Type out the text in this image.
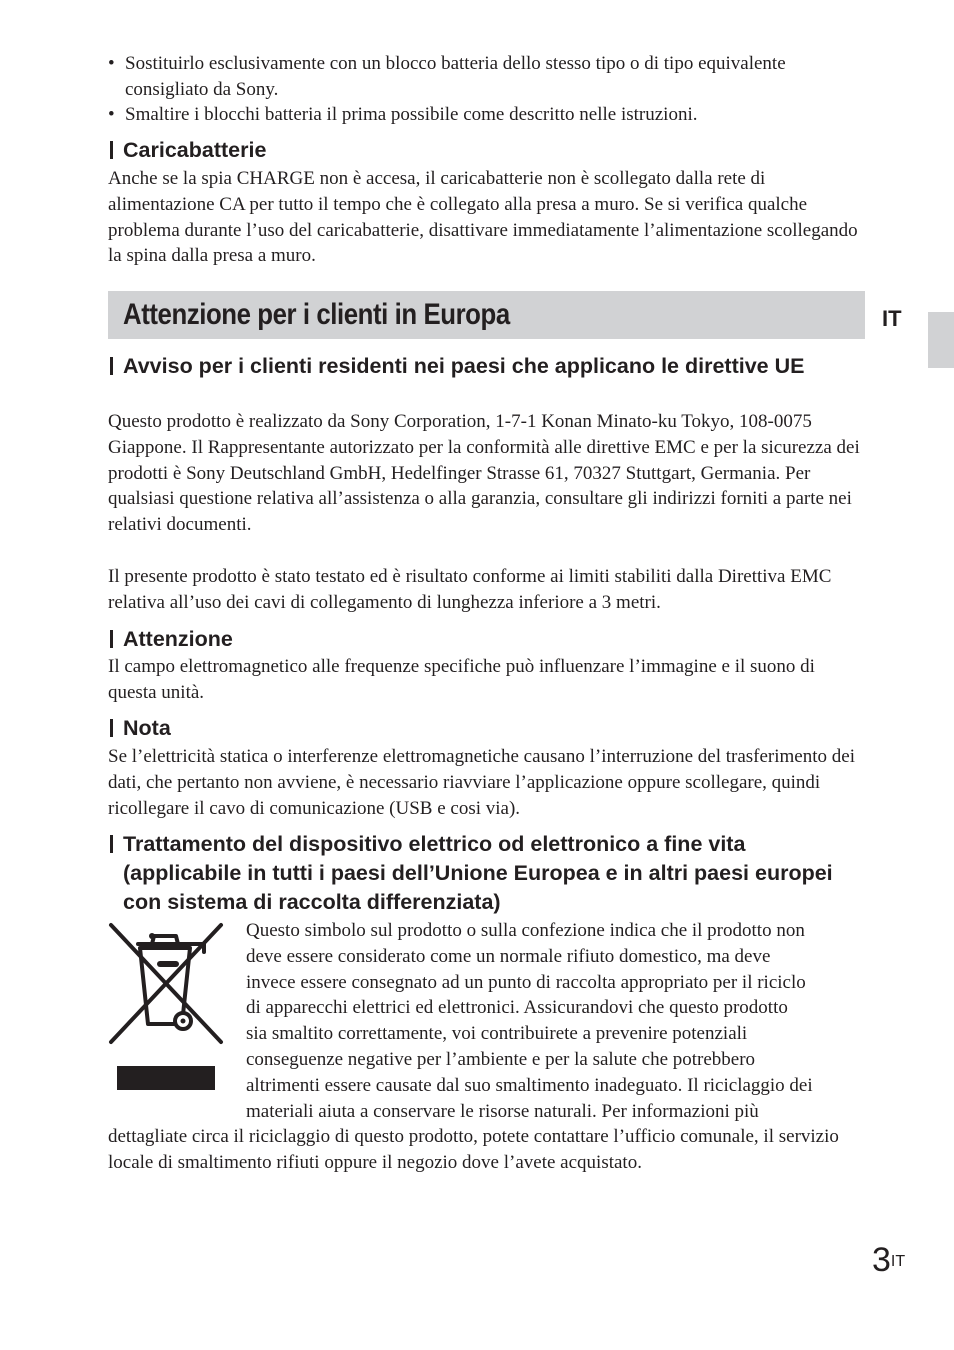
• Sostituirlo esclusivamente con un blocco batteria dello stesso tipo o di tipo equivalente consigliato da Sony.
• Smaltire i blocchi batteria il prima possibile come descritto nelle istruzioni.
Caricabatterie
Anche se la spia CHARGE non è accesa, il caricabatterie non è scollegato dalla rete di alimentazione CA per tutto il tempo che è collegato alla presa a muro. Se si verifica qualche problema durante l’uso del caricabatterie, disattivare immediatamente l’alimentazione scollegando la spina dalla presa a muro.
Attenzione per i clienti in Europa	IT
Avviso per i clienti residenti nei paesi che applicano le direttive UE
Questo prodotto è realizzato da Sony Corporation, 1-7-1 Konan Minato-ku Tokyo, 108-0075 Giappone. Il Rappresentante autorizzato per la conformità alle direttive EMC e per la sicurezza dei prodotti è Sony Deutschland GmbH, Hedelfinger Strasse 61, 70327 Stuttgart, Germania. Per qualsiasi questione relativa all’assistenza o alla garanzia, consultare gli indirizzi forniti a parte nei relativi documenti.
Il presente prodotto è stato testato ed è risultato conforme ai limiti stabiliti dalla Direttiva EMC relativa all’uso dei cavi di collegamento di lunghezza inferiore a 3 metri.
Attenzione
Il campo elettromagnetico alle frequenze specifiche può influenzare l’immagine e il suono di questa unità.
Nota
Se l’elettricità statica o interferenze elettromagnetiche causano l’interruzione del trasferimento dei dati, che pertanto non avviene, è necessario riavviare l’applicazione oppure scollegare, quindi ricollegare il cavo di comunicazione (USB e cosi via).
Trattamento del dispositivo elettrico od elettronico a fine vita (applicabile in tutti i paesi dell’Unione Europea e in altri paesi europei con sistema di raccolta differenziata)
Questo simbolo sul prodotto o sulla confezione indica che il prodotto non
deve essere considerato come un normale rifiuto domestico, ma deve
invece essere consegnato ad un punto di raccolta appropriato per il riciclo
di apparecchi elettrici ed elettronici. Assicurandovi che questo prodotto
sia smaltito correttamente, voi contribuirete a prevenire potenziali
conseguenze negative per l’ambiente e per la salute che potrebbero
altrimenti essere causate dal suo smaltimento inadeguato. Il riciclaggio dei
materiali aiuta a conservare le risorse naturali. Per informazioni più
dettagliate circa il riciclaggio di questo prodotto, potete contattare l’ufficio comunale, il servizio locale di smaltimento rifiuti oppure il negozio dove l’avete acquistato.
$3^{IT}$
